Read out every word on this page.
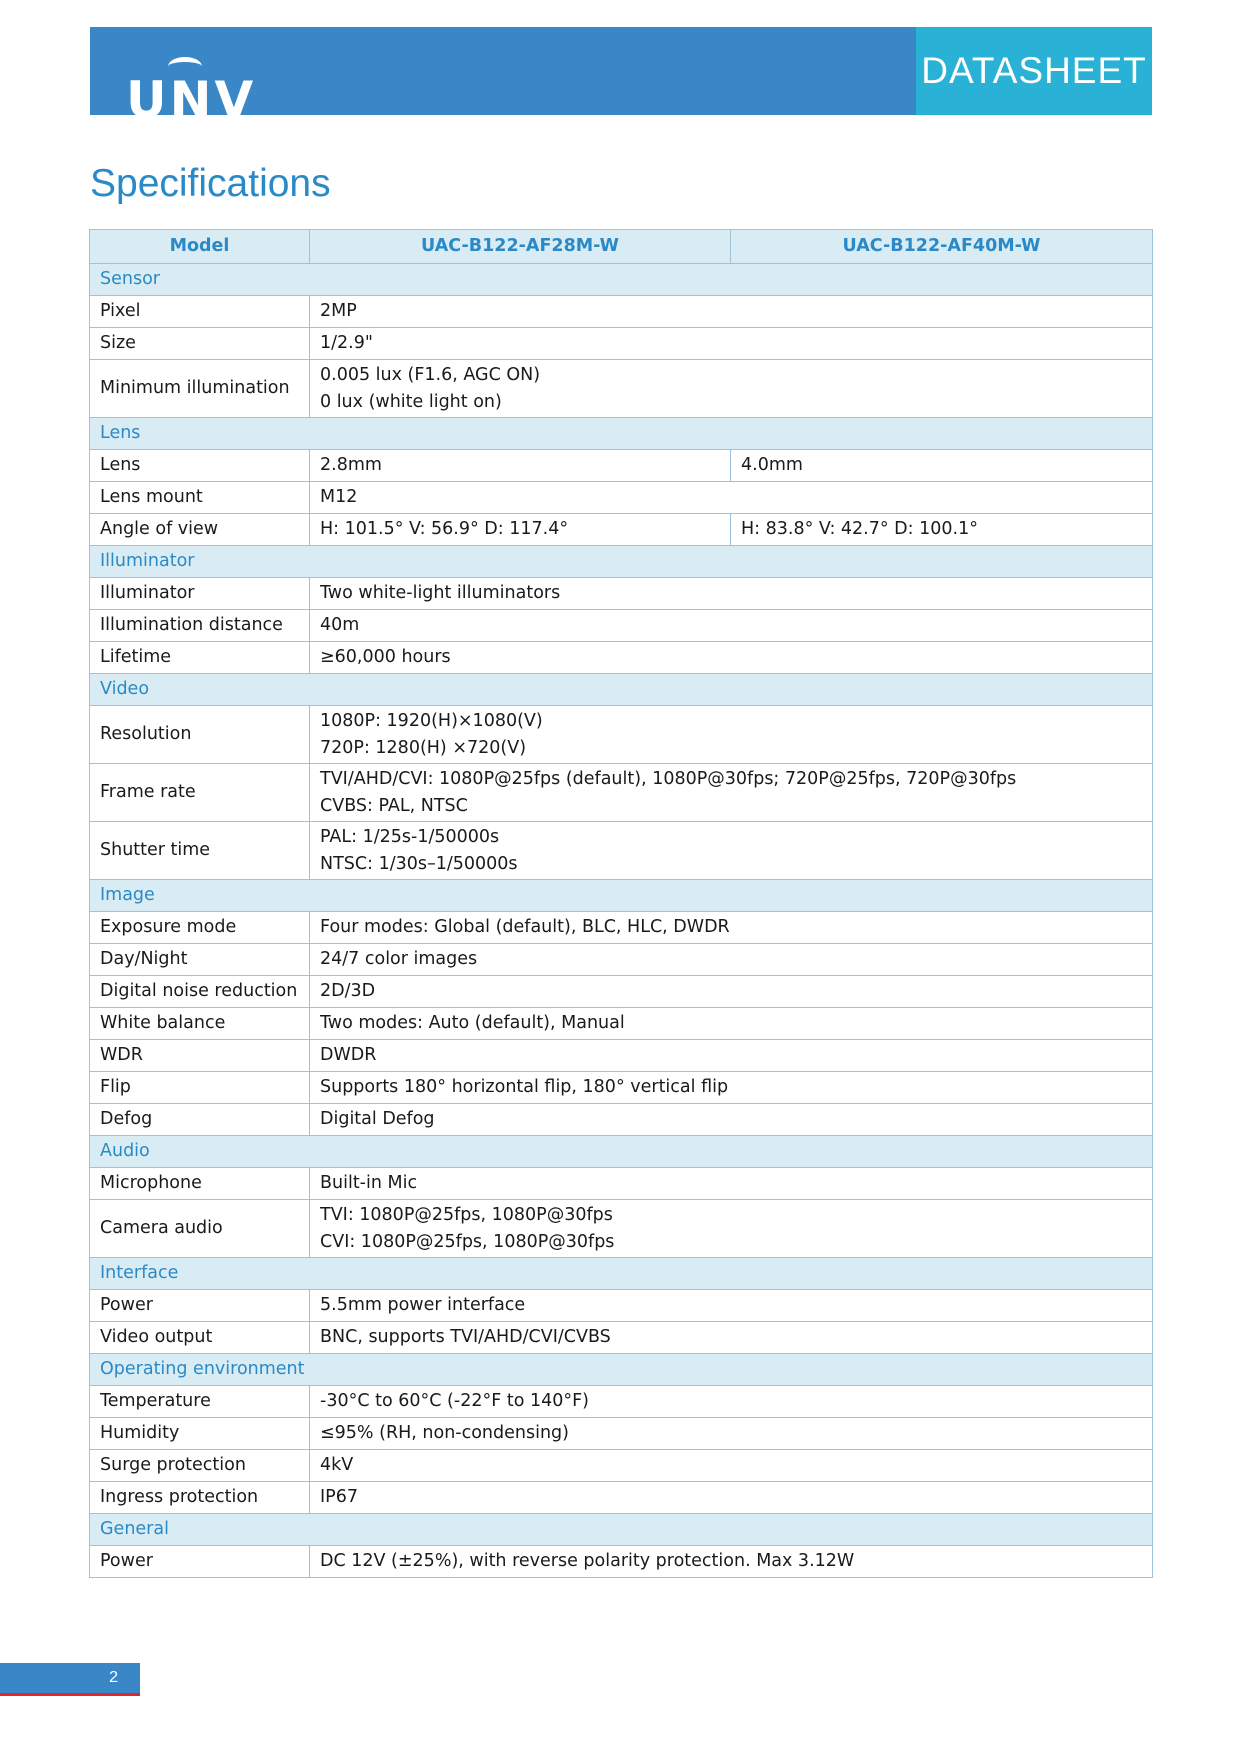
UNV
DATASHEET
Specifications
Model	UAC-B122-AF28M-W	UAC-B122-AF40M-W
Sensor		
Pixel	2MP	

Size	1/2.9"	

Minimum illumination	0.005 lux (F1.6, AGC ON)
0 lux (white light on)	

Lens		
Lens	2.8mm	4.0mm
Lens mount	M12	

Angle of view	H: 101.5° V: 56.9° D: 117.4°	H: 83.8° V: 42.7° D: 100.1°
Illuminator		
Illuminator	Two white-light illuminators	

Illumination distance	40m	

Lifetime	≥60,000 hours	

Video		
Resolution	1080P: 1920(H)×1080(V)
720P: 1280(H) ×720(V)	

Frame rate	TVI/AHD/CVI: 1080P@25fps (default), 1080P@30fps; 720P@25fps, 720P@30fps
CVBS: PAL, NTSC	

Shutter time	PAL: 1/25s-1/50000s
NTSC: 1/30s–1/50000s	

Image		
Exposure mode	Four modes: Global (default), BLC, HLC, DWDR	

Day/Night	24/7 color images	

Digital noise reduction	2D/3D	

White balance	Two modes: Auto (default), Manual	

WDR	DWDR	

Flip	Supports 180° horizontal flip, 180° vertical flip	

Defog	Digital Defog	

Audio		
Microphone	Built-in Mic	

Camera audio	TVI: 1080P@25fps, 1080P@30fps
CVI: 1080P@25fps, 1080P@30fps	

Interface		
Power	5.5mm power interface	

Video output	BNC, supports TVI/AHD/CVI/CVBS	

Operating environment		
Temperature	-30°C to 60°C (-22°F to 140°F)	

Humidity	≤95% (RH, non-condensing)	

Surge protection	4kV	

Ingress protection	IP67	

General		
Power	DC 12V (±25%), with reverse polarity protection. Max 3.12W	
2
